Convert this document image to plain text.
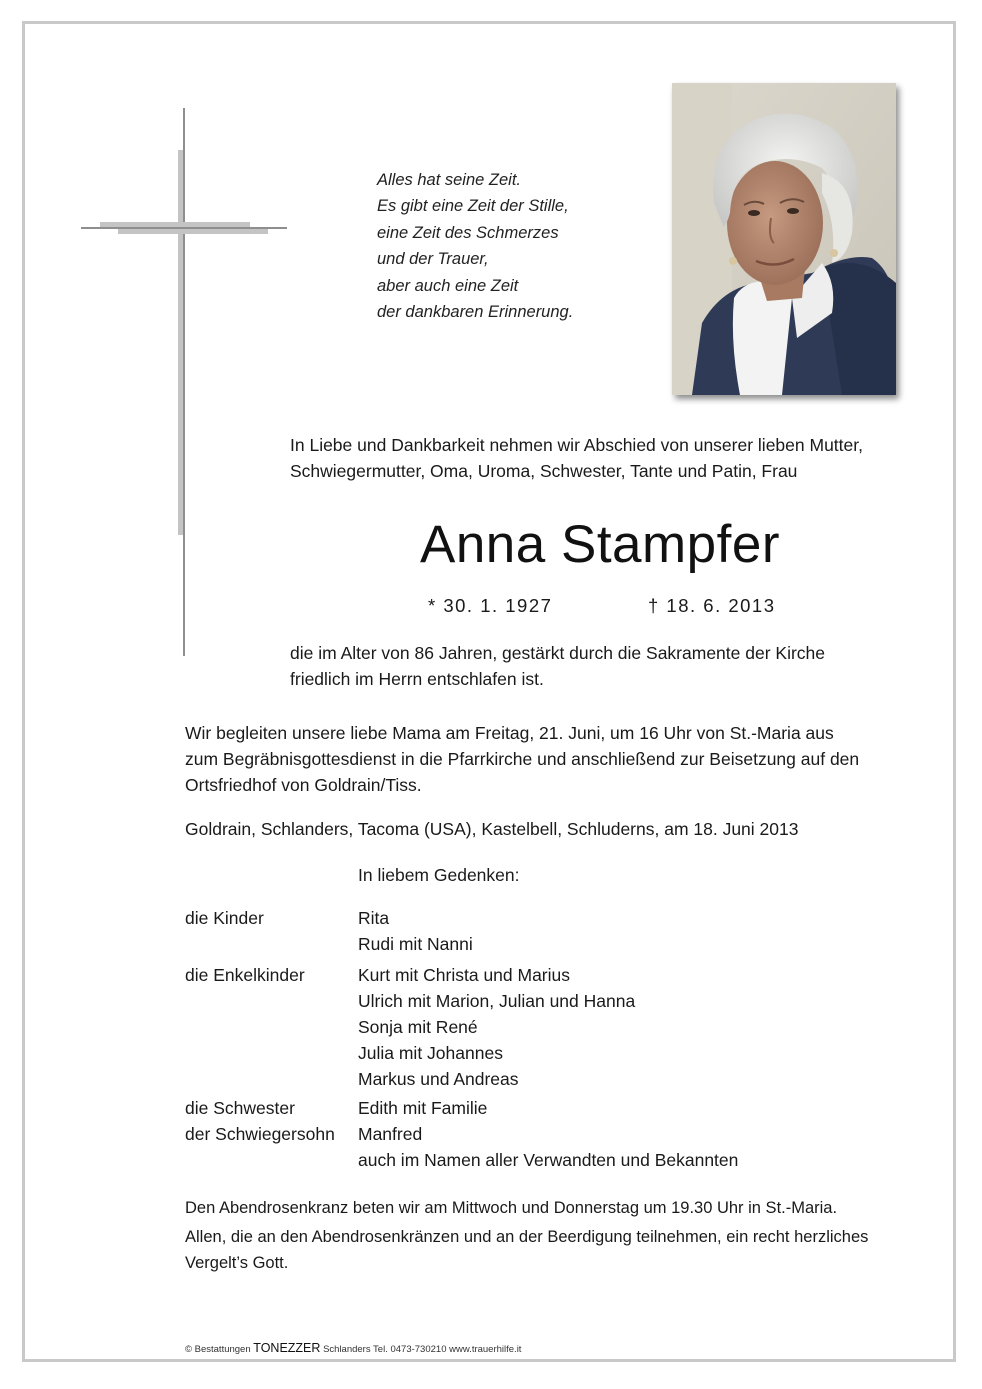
Alles hat seine Zeit.
Es gibt eine Zeit der Stille,
eine Zeit des Schmerzes
und der Trauer,
aber auch eine Zeit
der dankbaren Erinnerung.
In Liebe und Dankbarkeit nehmen wir Abschied von unserer lieben Mutter,
Schwiegermutter, Oma, Uroma, Schwester, Tante und Patin, Frau
Anna Stampfer
* 30. 1. 1927	† 18. 6. 2013
die im Alter von 86 Jahren, gestärkt durch die Sakramente der Kirche
friedlich im Herrn entschlafen ist.
Wir begleiten unsere liebe Mama am Freitag, 21. Juni, um 16 Uhr von St.-Maria aus
zum Begräbnisgottesdienst in die Pfarrkirche und anschließend zur Beisetzung auf den
Ortsfriedhof von Goldrain/Tiss.
Goldrain, Schlanders, Tacoma (USA), Kastelbell, Schluderns, am 18. Juni 2013
In liebem Gedenken:
die Kinder	Rita
Rudi mit Nanni
die Enkelkinder	Kurt mit Christa und Marius
Ulrich mit Marion, Julian und Hanna
Sonja mit René
Julia mit Johannes
Markus und Andreas
die Schwester	Edith mit Familie
der Schwiegersohn Manfred
auch im Namen aller Verwandten und Bekannten
Den Abendrosenkranz beten wir am Mittwoch und Donnerstag um 19.30 Uhr in St.-Maria.
Allen, die an den Abendrosenkränzen und an der Beerdigung teilnehmen, ein recht herzliches
Vergelt’s Gott.
© Bestattungen TONEZZER Schlanders Tel. 0473-730210 www.trauerhilfe.it
